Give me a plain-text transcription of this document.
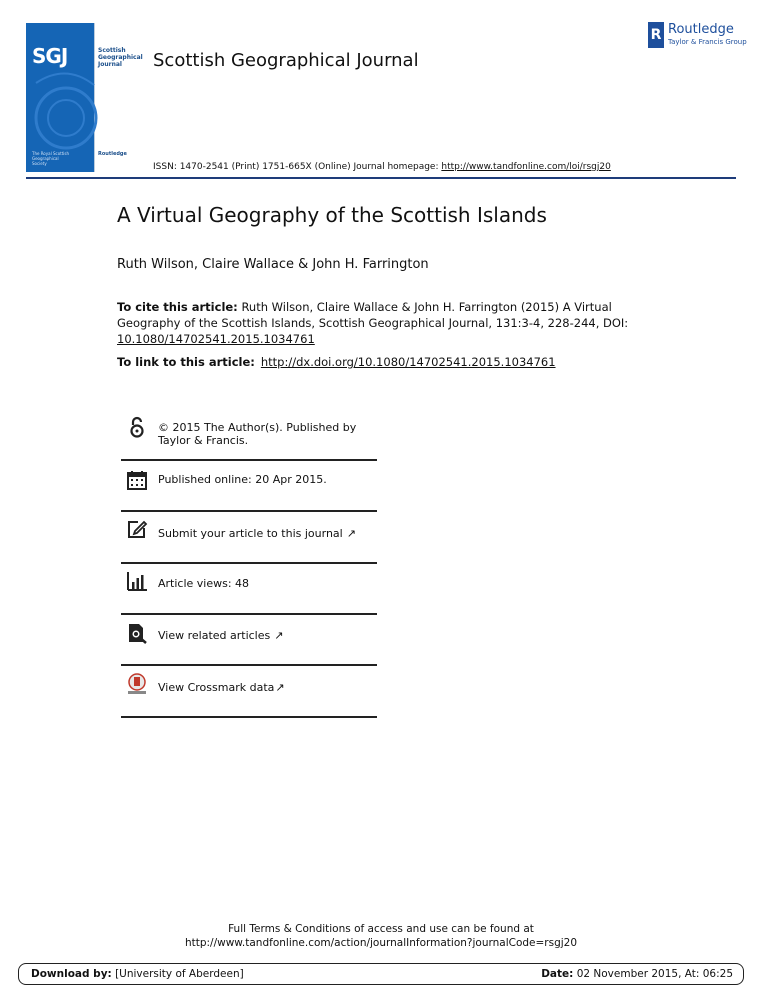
SGJ	Scottish Geographical Journal
The Royal Scottish Geographical Society
Routledge
Scottish Geographical Journal
R Routledge
Taylor & Francis Group
ISSN: 1470-2541 (Print) 1751-665X (Online) Journal homepage: http://www.tandfonline.com/loi/rsgj20
A Virtual Geography of the Scottish Islands
Ruth Wilson, Claire Wallace & John H. Farrington
To cite this article: Ruth Wilson, Claire Wallace & John H. Farrington (2015) A Virtual Geography of the Scottish Islands, Scottish Geographical Journal, 131:3-4, 228-244, DOI: 10.1080/14702541.2015.1034761
To link to this article: http://dx.doi.org/10.1080/14702541.2015.1034761
© 2015 The Author(s). Published by Taylor & Francis.
Published online: 20 Apr 2015.
Submit your article to this journal ↗
Article views: 48
View related articles ↗
View Crossmark data↗
Full Terms & Conditions of access and use can be found at
http://www.tandfonline.com/action/journalInformation?journalCode=rsgj20
Download by: [University of Aberdeen]	Date: 02 November 2015, At: 06:25
